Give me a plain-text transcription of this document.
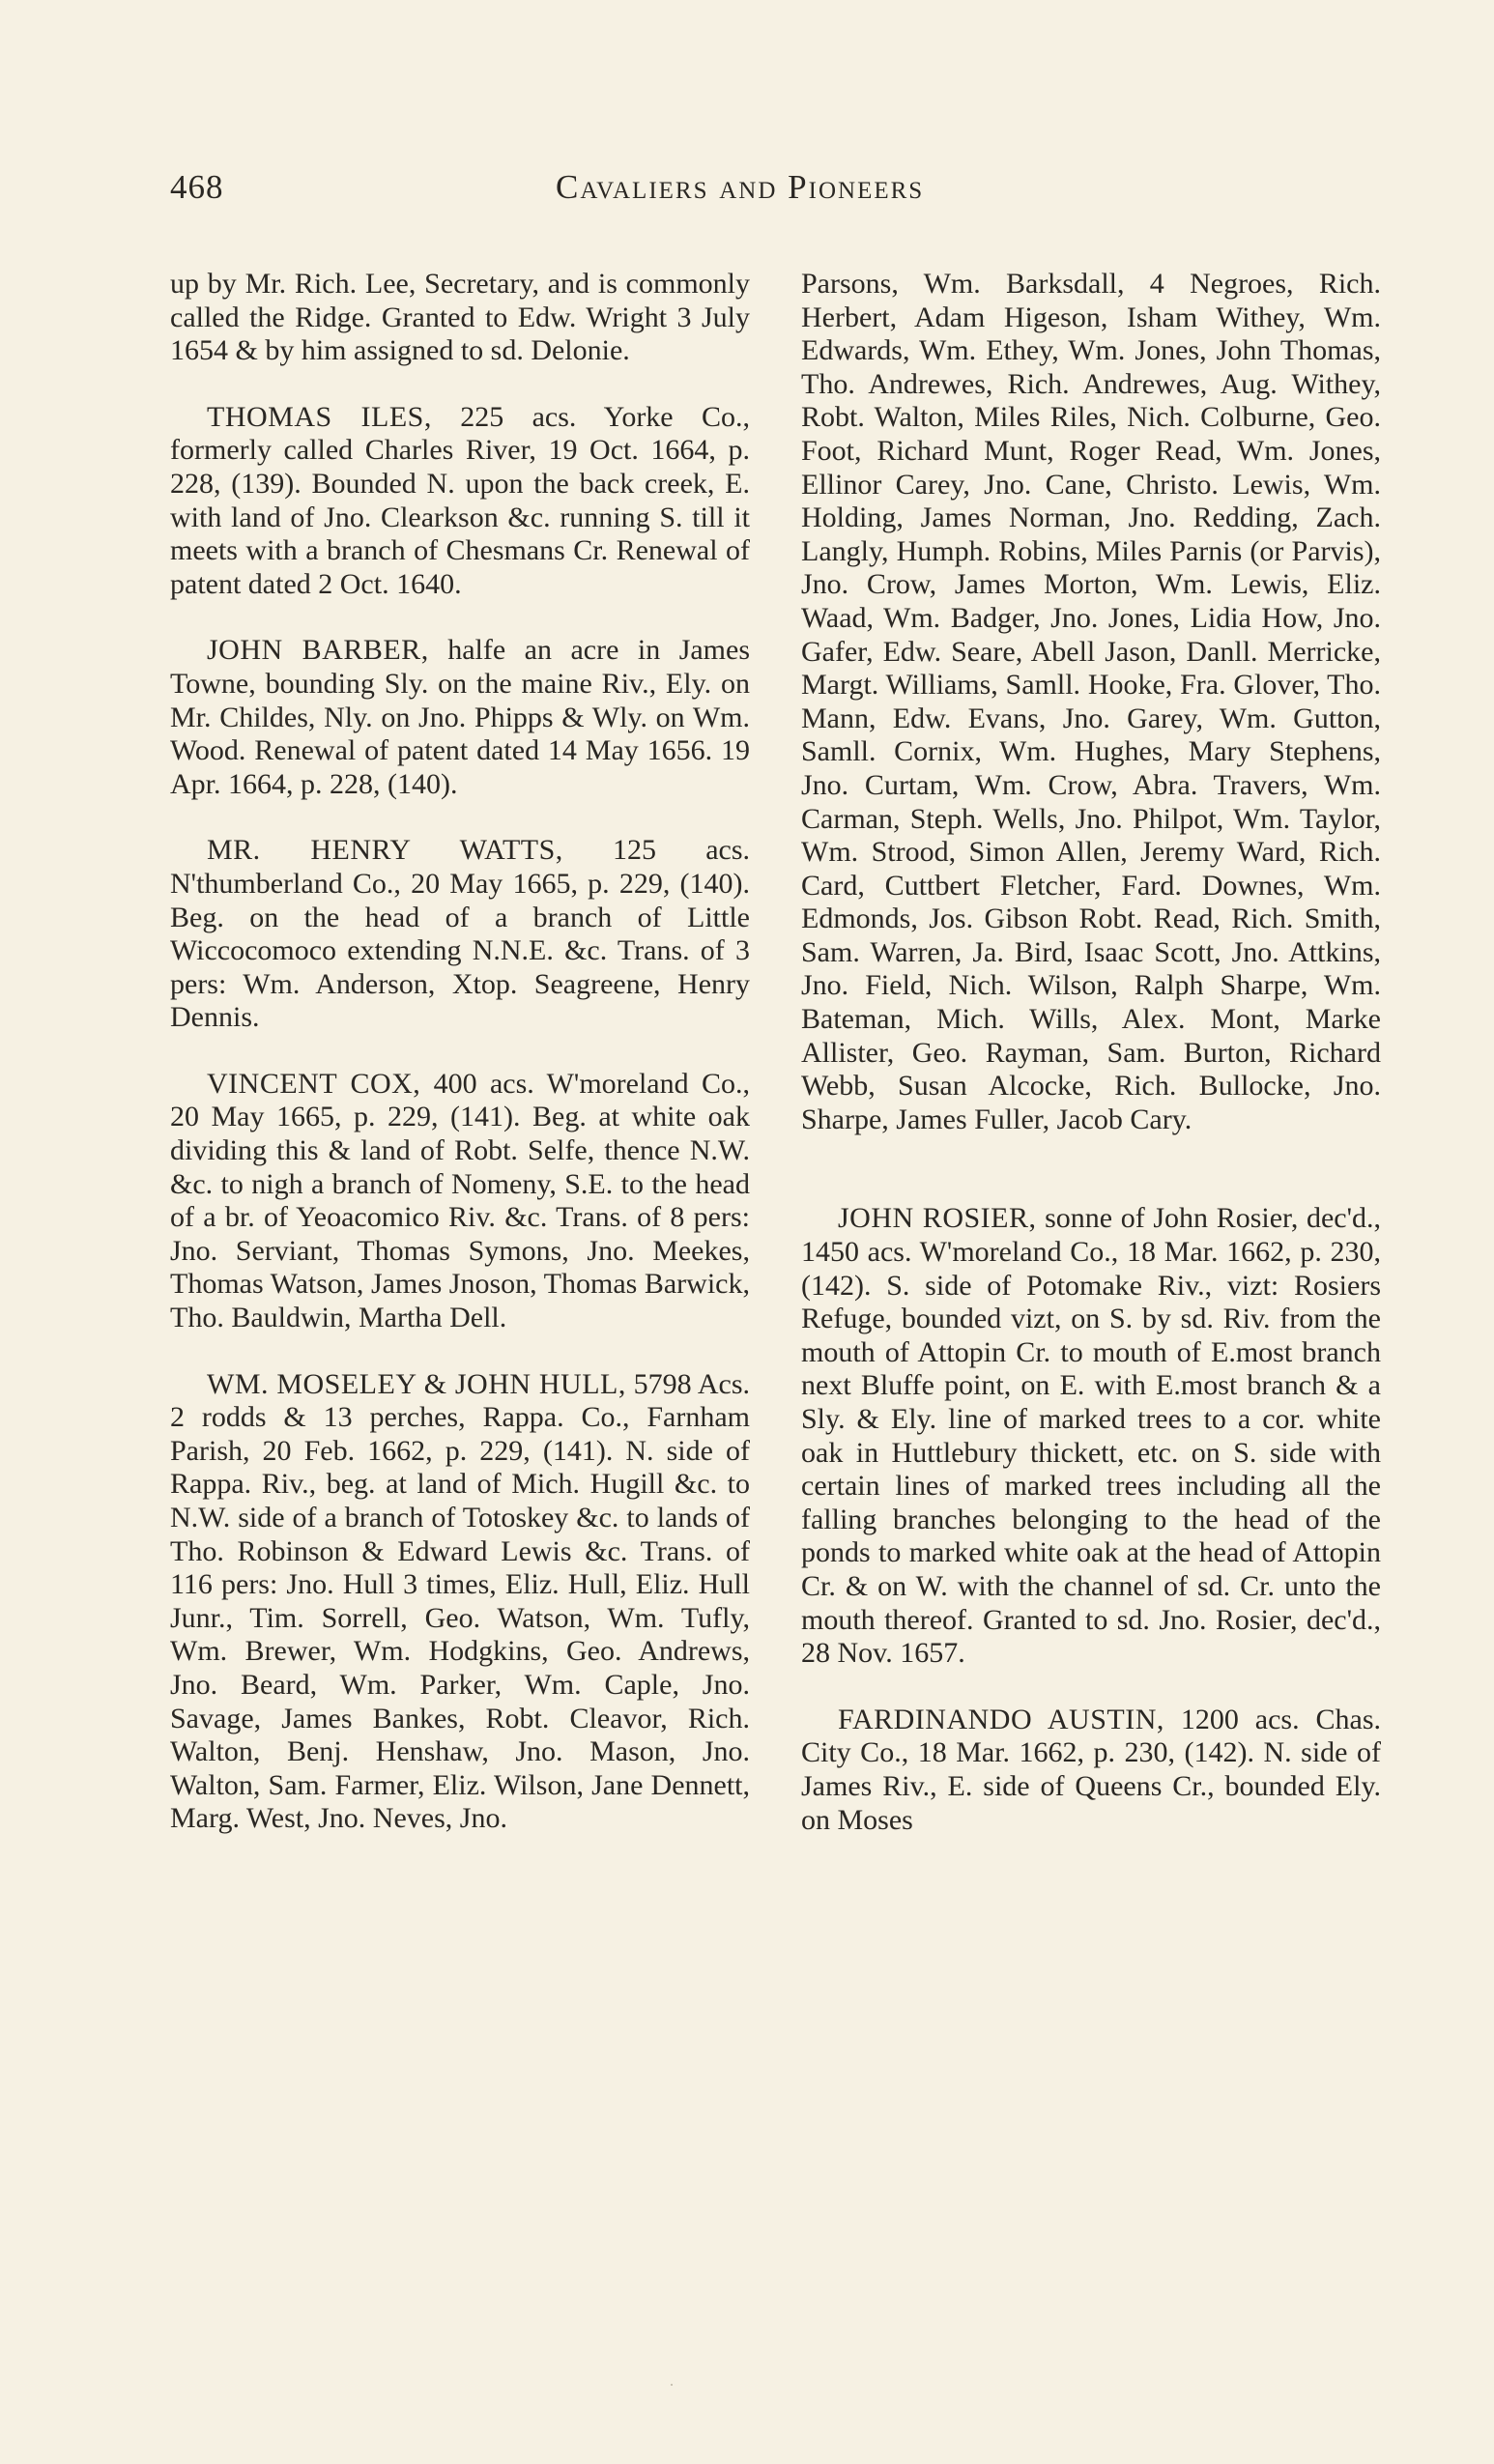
468	Cavaliers and Pioneers

up by Mr. Rich. Lee, Secretary, and is commonly called the Ridge. Granted to Edw. Wright 3 July 1654 & by him assigned to sd. Delonie.

THOMAS ILES, 225 acs. Yorke Co., formerly called Charles River, 19 Oct. 1664, p. 228, (139). Bounded N. upon the back creek, E. with land of Jno. Clearkson &c. running S. till it meets with a branch of Chesmans Cr. Renewal of patent dated 2 Oct. 1640.

JOHN BARBER, halfe an acre in James Towne, bounding Sly. on the maine Riv., Ely. on Mr. Childes, Nly. on Jno. Phipps & Wly. on Wm. Wood. Renewal of patent dated 14 May 1656. 19 Apr. 1664, p. 228, (140).

MR. HENRY WATTS, 125 acs. N'thumberland Co., 20 May 1665, p. 229, (140). Beg. on the head of a branch of Little Wiccocomoco extending N.N.E. &c. Trans. of 3 pers: Wm. Anderson, Xtop. Seagreene, Henry Dennis.

VINCENT COX, 400 acs. W'moreland Co., 20 May 1665, p. 229, (141). Beg. at white oak dividing this & land of Robt. Selfe, thence N.W. &c. to nigh a branch of Nomeny, S.E. to the head of a br. of Yeoacomico Riv. &c. Trans. of 8 pers: Jno. Serviant, Thomas Symons, Jno. Meekes, Thomas Watson, James Jnoson, Thomas Barwick, Tho. Bauldwin, Martha Dell.

WM. MOSELEY & JOHN HULL, 5798 Acs. 2 rodds & 13 perches, Rappa. Co., Farnham Parish, 20 Feb. 1662, p. 229, (141). N. side of Rappa. Riv., beg. at land of Mich. Hugill &c. to N.W. side of a branch of Totoskey &c. to lands of Tho. Robinson & Edward Lewis &c. Trans. of 116 pers: Jno. Hull 3 times, Eliz. Hull, Eliz. Hull Junr., Tim. Sorrell, Geo. Watson, Wm. Tufly, Wm. Brewer, Wm. Hodgkins, Geo. Andrews, Jno. Beard, Wm. Parker, Wm. Caple, Jno. Savage, James Bankes, Robt. Cleavor, Rich. Walton, Benj. Henshaw, Jno. Mason, Jno. Walton, Sam. Farmer, Eliz. Wilson, Jane Dennett, Marg. West, Jno. Neves, Jno.

Parsons, Wm. Barksdall, 4 Negroes, Rich. Herbert, Adam Higeson, Isham Withey, Wm. Edwards, Wm. Ethey, Wm. Jones, John Thomas, Tho. Andrewes, Rich. Andrewes, Aug. Withey, Robt. Walton, Miles Riles, Nich. Colburne, Geo. Foot, Richard Munt, Roger Read, Wm. Jones, Ellinor Carey, Jno. Cane, Christo. Lewis, Wm. Holding, James Norman, Jno. Redding, Zach. Langly, Humph. Robins, Miles Parnis (or Parvis), Jno. Crow, James Morton, Wm. Lewis, Eliz. Waad, Wm. Badger, Jno. Jones, Lidia How, Jno. Gafer, Edw. Seare, Abell Jason, Danll. Merricke, Margt. Williams, Samll. Hooke, Fra. Glover, Tho. Mann, Edw. Evans, Jno. Garey, Wm. Gutton, Samll. Cornix, Wm. Hughes, Mary Stephens, Jno. Curtam, Wm. Crow, Abra. Travers, Wm. Carman, Steph. Wells, Jno. Philpot, Wm. Taylor, Wm. Strood, Simon Allen, Jeremy Ward, Rich. Card, Cuttbert Fletcher, Fard. Downes, Wm. Edmonds, Jos. Gibson Robt. Read, Rich. Smith, Sam. Warren, Ja. Bird, Isaac Scott, Jno. Attkins, Jno. Field, Nich. Wilson, Ralph Sharpe, Wm. Bateman, Mich. Wills, Alex. Mont, Marke Allister, Geo. Rayman, Sam. Burton, Richard Webb, Susan Alcocke, Rich. Bullocke, Jno. Sharpe, James Fuller, Jacob Cary.

JOHN ROSIER, sonne of John Rosier, dec'd., 1450 acs. W'moreland Co., 18 Mar. 1662, p. 230, (142). S. side of Potomake Riv., vizt: Rosiers Refuge, bounded vizt, on S. by sd. Riv. from the mouth of Attopin Cr. to mouth of E.most branch next Bluffe point, on E. with E.most branch & a Sly. & Ely. line of marked trees to a cor. white oak in Huttlebury thickett, etc. on S. side with certain lines of marked trees including all the falling branches belonging to the head of the ponds to marked white oak at the head of Attopin Cr. & on W. with the channel of sd. Cr. unto the mouth thereof. Granted to sd. Jno. Rosier, dec'd., 28 Nov. 1657.

FARDINANDO AUSTIN, 1200 acs. Chas. City Co., 18 Mar. 1662, p. 230, (142). N. side of James Riv., E. side of Queens Cr., bounded Ely. on Moses
